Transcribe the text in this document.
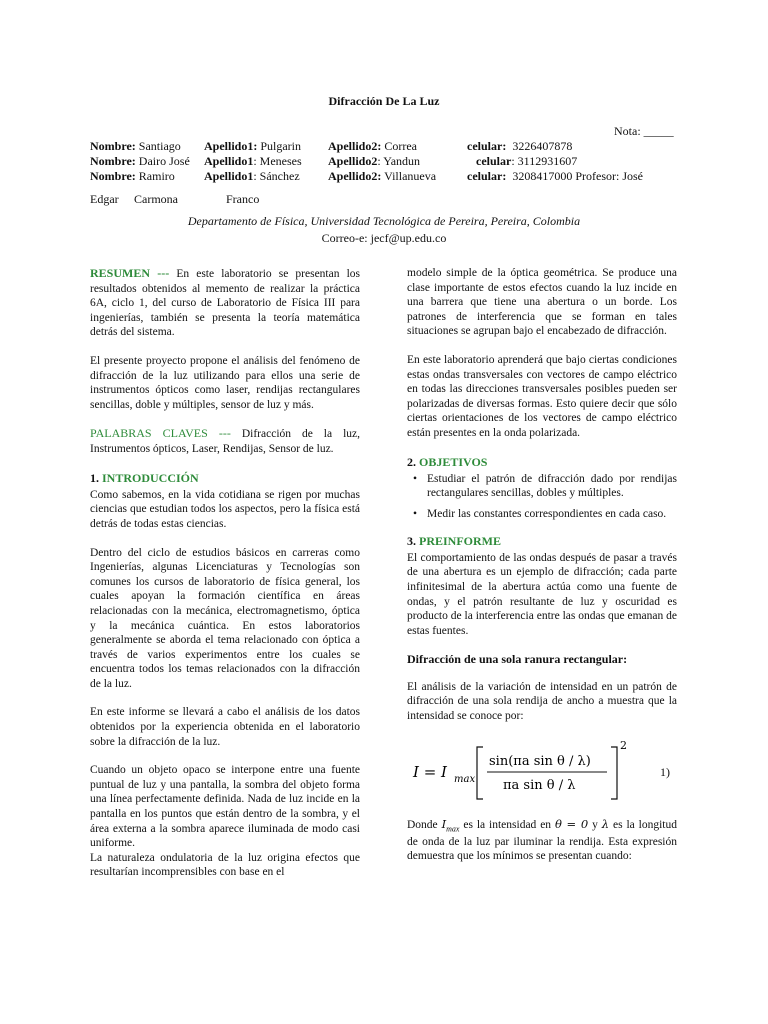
Difracción De La Luz
Nota: _____
Nombre: Santiago Apellido1: Pulgarin Apellido2: Correa	celular: 3226407878
Nombre: Dairo José Apellido1: Meneses Apellido2: Yandun	celular: 3112931607
Nombre: Ramiro Apellido1: Sánchez Apellido2: Villanueva	celular: 3208417000 Profesor: José
Edgar Carmona	Franco
Departamento de Física, Universidad Tecnológica de Pereira, Pereira, Colombia
Correo-e: jecf@up.edu.co

RESUMEN --- En este laboratorio se presentan los resultados obtenidos al memento de realizar la práctica 6A, ciclo 1, del curso de Laboratorio de Física III para ingenierías, también se presenta la teoría matemática detrás del sistema.

El presente proyecto propone el análisis del fenómeno de difracción de la luz utilizando para ellos una serie de instrumentos ópticos como laser, rendijas rectangulares sencillas, doble y múltiples, sensor de luz y más.

PALABRAS CLAVES --- Difracción de la luz, Instrumentos ópticos, Laser, Rendijas, Sensor de luz.

1. INTRODUCCIÓN

Como sabemos, en la vida cotidiana se rigen por muchas ciencias que estudian todos los aspectos, pero la física está detrás de todas estas ciencias.

Dentro del ciclo de estudios básicos en carreras como Ingenierías, algunas Licenciaturas y Tecnologías son comunes los cursos de laboratorio de física general, los cuales apoyan la formación científica en áreas relacionadas con la mecánica, electromagnetismo, óptica y la mecánica cuántica. En estos laboratorios generalmente se aborda el tema relacionado con óptica a través de varios experimentos entre los cuales se encuentra todos los temas relacionados con la difracción de la luz.

En este informe se llevará a cabo el análisis de los datos obtenidos por la experiencia obtenida en el laboratorio sobre la difracción de la luz.

Cuando un objeto opaco se interpone entre una fuente puntual de luz y una pantalla, la sombra del objeto forma una línea perfectamente definida. Nada de luz incide en la pantalla en los puntos que están dentro de la sombra, y el área externa a la sombra aparece iluminada de modo casi uniforme.

La naturaleza ondulatoria de la luz origina efectos que resultarían incomprensibles con base en el

modelo simple de la óptica geométrica. Se produce una clase importante de estos efectos cuando la luz incide en una barrera que tiene una abertura o un borde. Los patrones de interferencia que se forman en tales situaciones se agrupan bajo el encabezado de difracción.

En este laboratorio aprenderá que bajo ciertas condiciones estas ondas transversales con vectores de campo eléctrico en todas las direcciones transversales posibles pueden ser polarizadas de diversas formas. Esto quiere decir que sólo ciertas orientaciones de los vectores de campo eléctrico están presentes en la onda polarizada.

2. OBJETIVOS
• Estudiar el patrón de difracción dado por rendijas rectangulares sencillas, dobles y múltiples.
• Medir las constantes correspondientes en cada caso.
3. PREINFORME

El comportamiento de las ondas después de pasar a través de una abertura es un ejemplo de difracción; cada parte infinitesimal de la abertura actúa como una fuente de ondas, y el patrón resultante de luz y oscuridad es producto de la interferencia entre las ondas que emanan de estas fuentes.

Difracción de una sola ranura rectangular:

El análisis de la variación de intensidad en un patrón de difracción de una sola rendija de ancho a muestra que la intensidad se conoce por:

I = I max
sin(πa sin θ / λ)
πa sin θ / λ
2
1)

Donde $I_{max}$ es la intensidad en θ = 0 y λ es la longitud de onda de la luz par iluminar la rendija. Esta expresión demuestra que los mínimos se presentan cuando:
